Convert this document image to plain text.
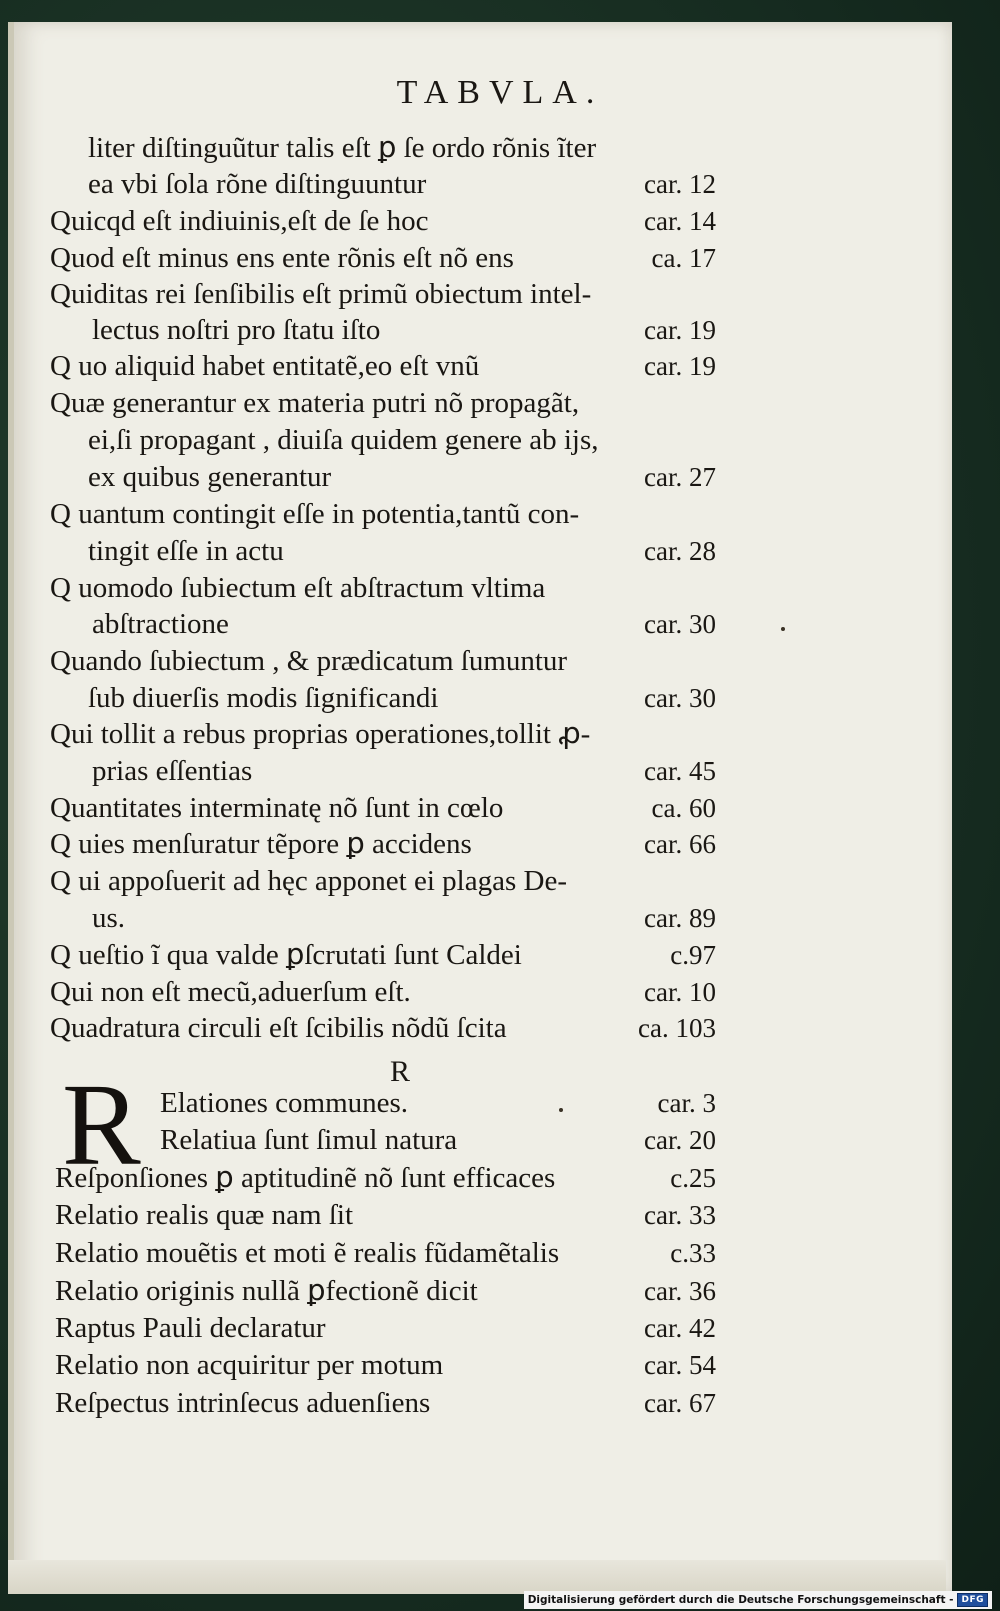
TABVLA.
liter diſtinguũtur talis eſt ꝑ ſe ordo rõnis ĩter
ea vbi ſola rõne diſtinguuntur	car. 12
Quicqd eſt indiuinis,eſt de ſe hoc	car. 14
Quod eſt minus ens ente rõnis eſt nõ ens	ca. 17
Quiditas rei ſenſibilis eſt primũ obiectum intel-
lectus noſtri pro ſtatu iſto	car. 19
Q uo aliquid habet entitatẽ,eo eſt vnũ	car. 19
Quæ generantur ex materia putri nõ propagãt,
ei,ſi propagant , diuiſa quidem genere ab ĳs,
ex quibus generantur	car. 27
Q uantum contingit eſſe in potentia,tantũ con-
tingit eſſe in actu	car. 28
Q uomodo ſubiectum eſt abſtractum vltima
abſtractione	car. 30
Quando ſubiectum , & prædicatum ſumuntur
ſub diuerſis modis ſignificandi	car. 30
Qui tollit a rebus proprias operationes,tollit ꝓ-
prias eſſentias	car. 45
Quantitates interminatę nõ ſunt in cœlo	ca. 60
Q uies menſuratur tẽpore ꝑ accidens	car. 66
Q ui appoſuerit ad hęc apponet ei plagas De-
us.	car. 89
Q ueſtio ĩ qua valde ꝑſcrutati ſunt Caldei	c.97
Qui non eſt mecũ,aduerſum eſt.	car. 10
Quadratura circuli eſt ſcibilis nõdũ ſcita	ca. 103
Elationes communes.	car. 3
Relatiua ſunt ſimul natura	car. 20
Reſponſiones ꝑ aptitudinẽ nõ ſunt efficaces	c.25
Relatio realis quæ nam ſit	car. 33
Relatio mouẽtis et moti ẽ realis fũdamẽtalis	c.33
Relatio originis nullã ꝑfectionẽ dicit	car. 36
Raptus Pauli declaratur	car. 42
Relatio non acquiritur per motum	car. 54
Reſpectus intrinſecus aduenſiens	car. 67
R
R
Digitalisierung gefördert durch die Deutsche Forschungsgemeinschaft - DFG
